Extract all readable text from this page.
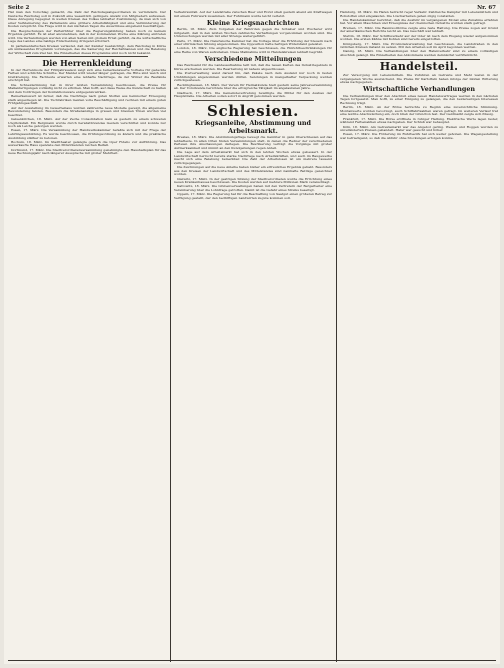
Seite 2	Nr. 67

Hat man den Vorschlag gemacht, die Zahl der Reichstagsabgeordneten zu vermindern. Der Deutsche Reichstag soll in Zukunft eine wesentlich geringere Anzahl von Mitgliedern aufweisen. Diese Anregung begegnet in weiten Kreisen des Volkes lebhafter Zustimmung, da man sich von einer Verkleinerung des Parlaments eine größere Arbeitsfähigkeit und eine Verminderung der Kosten verspricht. Die Frage wird in den nächsten Tagen die Ausschüsse eingehend beschäftigen.

Die Besprechungen der Parteiführer über die Regierungsbildung haben noch zu keinem Ergebnis geführt. Es ist aber anzunehmen, daß in der kommenden Woche eine Klärung eintreten wird. Die Verhandlungen werden von allen Seiten mit großem Ernst geführt, da die wirtschaftliche Lage des Landes eine baldige Entscheidung dringend erfordert.

In parlamentarischen Kreisen verlautet, daß der Kanzler beabsichtigt, dem Reichstag in Kürze ein umfassendes Programm vorzulegen, das die Sanierung der Reichsfinanzen und die Belebung der Wirtschaft zum Ziel hat. Die Einzelheiten dieses Programms sind noch nicht bekannt.

Die Herrenkleidung

In der Herrenmode der Frühjahrssaison zeigt sich eine bemerkenswerte Vorliebe für gedeckte Farben und schlichte Schnitte. Der Mantel wird wieder länger getragen, die Hüte sind weich und breitkrempig. Die Fachleute erwarten eine lebhafte Nachfrage, da der Winter die Bestände erschöpft hat.

Die Schneiderinnung hat in ihrer letzten Versammlung beschlossen, die Preise für Maßanfertigungen vorläufig nicht zu erhöhen. Man hofft, auf diese Weise die Kundschaft zu halten und dem Vordringen der Konfektionsware entgegenzuwirken.

Bemerkenswert ist ferner, daß die Nachfrage nach guten Stoffen aus heimischer Erzeugung stark angestiegen ist. Die Tuchfabriken melden volle Beschäftigung und rechnen mit einem guten Frühjahrsgeschäft.

Auf der Ausstellung im Gewerbehaus wurden zahlreiche neue Modelle gezeigt, die allgemeine Bewunderung fanden. Besonders die Straßenanzüge in grauen und braunen Tönen wurden viel beachtet.

Gelsenkirchen, 18. März. Auf der Zeche Consolidation kam es gestern zu einem schweren Unglücksfall. Ein Bergmann wurde durch herabstürzendes Gestein verschüttet und konnte nur noch als Leiche geborgen werden.

Essen, 17. März. Die Versammlung der Handwerkskammer befaßte sich mit der Frage der Lehrlingsausbildung. Es wurde beschlossen, die Prüfungsordnung zu ändern und die praktische Ausbildung stärker zu betonen.

Bochum, 18. März. Im Stadttheater gelangte gestern die Oper Fidelio zur Aufführung. Das ausverkaufte Haus spendete den Mitwirkenden reichen Beifall.

Dortmund, 17. März. Die Stadtverordnetenversammlung genehmigte den Haushaltsplan für das neue Rechnungsjahr nach längerer Aussprache mit großer Mehrheit.

Verkehrsunfall. Auf der Landstraße zwischen Buer und Horst stieß gestern abend ein Kraftwagen mit einem Fuhrwerk zusammen. Der Fuhrmann wurde leicht verletzt.

Kleine Kriegsnachrichten

Berlin, 18. März. Zum Vorgehen der Behörden gegen die Schieber und Wucherer wird mitgeteilt, daß in den letzten Wochen zahlreiche Verhaftungen vorgenommen worden sind. Die Untersuchungen werden mit aller Strenge weitergeführt.

Paris, 17. März. Die französische Kammer hat die Vorlage über die Erhöhung der Steuern nach einer stürmischen Sitzung angenommen. Die Opposition hatte heftigen Widerstand geleistet.

London, 18. März. Die englische Regierung hat beschlossen, die Einfuhrbeschränkungen für eine Reihe von Waren aufzuheben. Diese Maßnahme wird in Handelskreisen lebhaft begrüßt.

Verschiedene Mitteilungen

Das Reichsamt für die Landesaufnahme teilt mit, daß die neuen Karten des Industriegebiets in Kürze erscheinen werden. Die Bearbeitung ist nahezu abgeschlossen.

Die Postverwaltung weist darauf hin, daß Pakete nach dem Ausland nur noch in festen Umhüllungen angenommen werden dürfen. Sendungen in mangelhafter Verpackung werden zurückgewiesen.

Recklinghausen, 18. März. Der Verein für Heimatkunde hielt gestern seine Jahresversammlung ab. Der Vorsitzende berichtete über die erfolgreiche Tätigkeit im abgelaufenen Jahre.

Gladbeck, 17. März. Die Gemeindevertretung bewilligte die Mittel für den Ausbau der Hauptstraße. Die Arbeiten sollen sofort in Angriff genommen werden.

Schlesien.
Kriegsanleihe, Abstimmung und Arbeitsmarkt.

Breslau, 18. März. Die Abstimmungsfrage bewegt die Gemüter in ganz Oberschlesien auf das lebhafteste. In allen Orten finden Versammlungen statt, in denen die Redner der verschiedenen Parteien ihre Anschauungen darlegen. Die Bevölkerung verfolgt die Vorgänge mit großer Aufmerksamkeit und nimmt an den Kundgebungen regen Anteil.

Die Lage auf dem Arbeitsmarkt hat sich in den letzten Wochen etwas gebessert. In der Landwirtschaft herrscht bereits starke Nachfrage nach Arbeitskräften, und auch im Baugewerbe macht sich eine Belebung bemerkbar. Die Zahl der Arbeitslosen ist um mehrere tausend zurückgegangen.

Die Zeichnungen auf die neue Anleihe haben bisher ein erfreuliches Ergebnis gehabt. Besonders aus den Kreisen der Landwirtschaft und des Mittelstandes sind namhafte Beträge gezeichnet worden.

Gleiwitz, 17. März. In der gestrigen Sitzung der Stadtverordneten wurde die Errichtung eines neuen Krankenhauses beschlossen. Die Kosten werden auf mehrere Millionen Mark veranschlagt.

Kattowitz, 18. März. Die Grubenverwaltungen haben mit den Vertretern der Bergarbeiter eine Vereinbarung über die Lohnfrage getroffen. Damit ist die Gefahr eines Streiks beseitigt.

Oppeln, 17. März. Die Regierung hat für die Beschaffung von Saatgut einen größeren Betrag zur Verfügung gestellt, der den bedürftigen Landwirten zugute kommen soll.

Hamburg, 18. März. Im Hafen herrscht reger Verkehr. Zahlreiche Dampfer mit Lebensmitteln und Rohstoffen sind eingelaufen. Die Löscharbeiten gehen zügig vonstatten.

Die Handelskammer berichtet, daß die Ausfuhr im vergangenen Monat eine Zunahme erfahren hat. Vor allem Maschinen und Erzeugnisse der chemischen Industrie wurden stark gefragt.

Bremen, 17. März. Die Baumwollbörse zeigte eine feste Haltung. Die Preise zogen auf Grund der amerikanischen Berichte leicht an. Das Geschäft war lebhaft.

Stettin, 18. März. Der Schiffsverkehr auf der Oder ist nach dem Eisgang wieder aufgenommen worden. Die ersten Kähne mit Kohlen sind bereits eingetroffen.

Königsberg, 17. März. Die Provinzialverwaltung hat beschlossen, die Landstraßen in den östlichen Kreisen instand zu setzen. Mit den Arbeiten soll im April begonnen werden.

Danzig, 18. März. Die Verhandlungen über den Hafenverkehr sind zu einem vorläufigen Abschluß gelangt. Die Einzelheiten des Abkommens werden demnächst veröffentlicht.

Handelsteil.

Zur Versorgung mit Lebensmitteln. Die Zufuhren an Getreide und Mehl waren in der vergangenen Woche ausreichend. Die Preise für Kartoffeln haben infolge der milden Witterung etwas nachgegeben.

Wirtschaftliche Verhandlungen

Die Verhandlungen über den Abschluß eines neuen Handelsvertrages werden in den nächsten Tagen fortgesetzt. Man hofft, zu einer Einigung zu gelangen, die den beiderseitigen Interessen Rechnung trägt.

Berlin, 18. März. An der Börse herrschte zu Beginn eine zuversichtliche Stimmung. Montanwerte wurden bevorzugt, auch Schiffahrtsaktien waren gefragt. Im weiteren Verlauf trat eine leichte Abschwächung ein, doch blieb der Grundton fest. Der Geldmarkt zeigte sich flüssig.

Frankfurt, 17. März. Die Börse eröffnete in ruhiger Haltung. Elektrische Werte lagen fester, während Farbenaktien etwas nachgaben. Der Schluß war behauptet.

Köln, 18. März. Am Getreidemarkt war das Angebot gering. Weizen und Roggen wurden zu unveränderten Preisen gehandelt. Hafer war gesucht und höher.

Essen, 17. März. Die Förderung im Ruhrbezirk hat sich weiter gehoben. Die Wagengestellung war befriedigend, so daß die Abfuhr ohne Stockungen erfolgen konnte.
